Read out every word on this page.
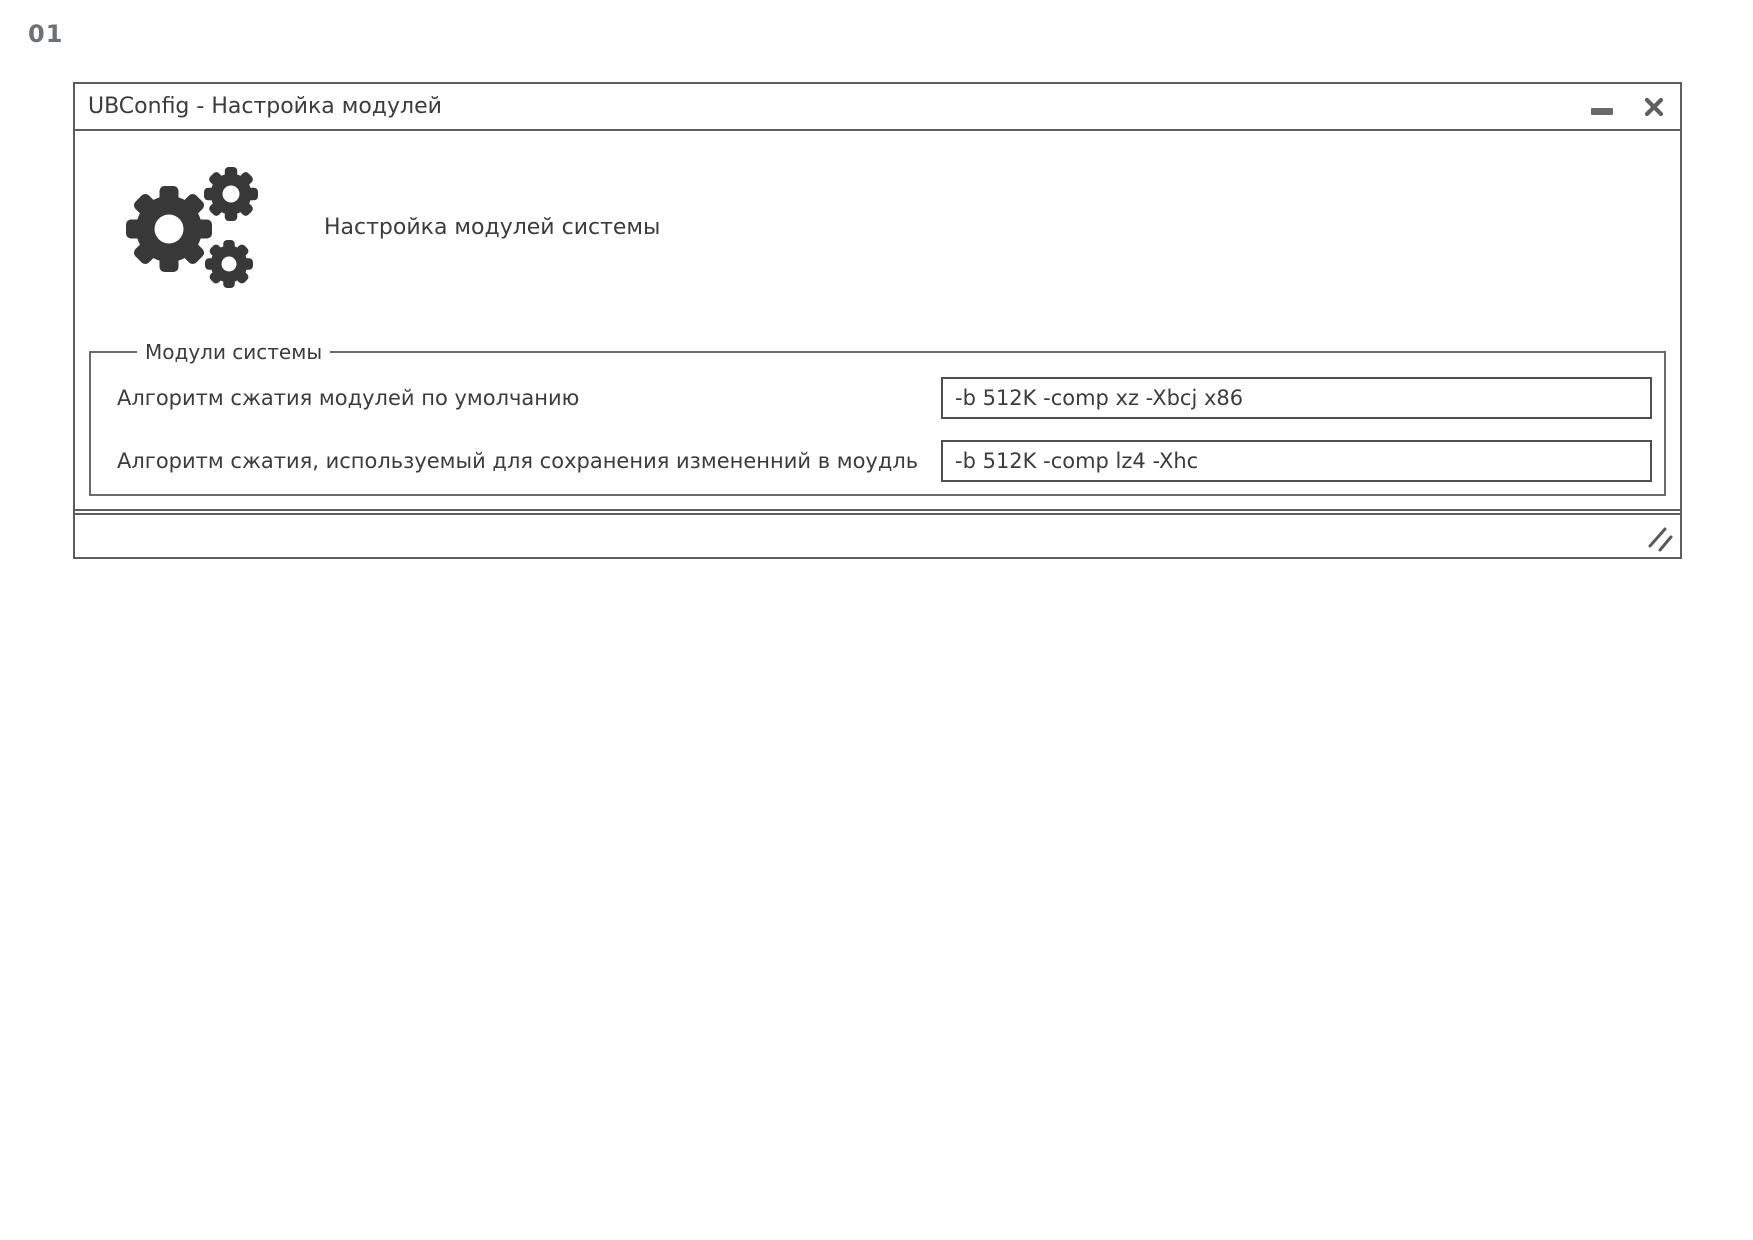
01
UBConfig - Настройка модулей
Настройка модулей системы
Модули системы
Алгоритм сжатия модулей по умолчанию
-b 512K -comp xz -Xbcj x86
Алгоритм сжатия, используемый для сохранения измененний в моудль
-b 512K -comp lz4 -Xhc
